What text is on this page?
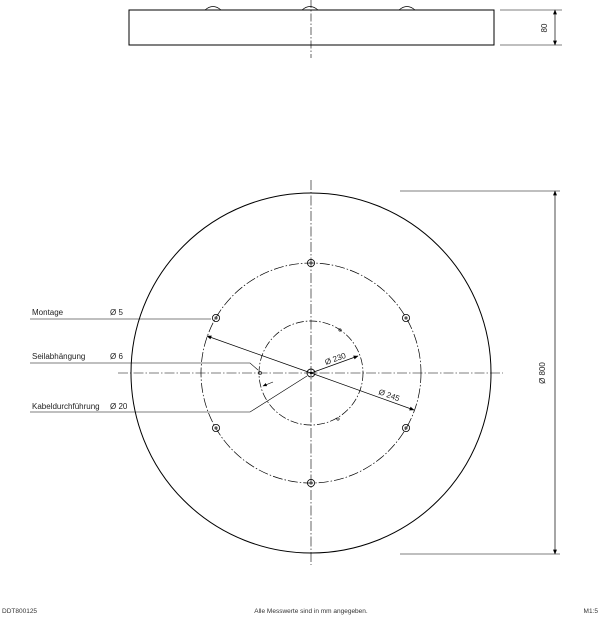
80
Ø 800
Ø 230
Ø 245
Montage	Ø 5
Seilabhängung	Ø 6
Kabeldurchführung Ø 20
DDT800125	Alle Messwerte sind in mm angegeben.	M1:5
